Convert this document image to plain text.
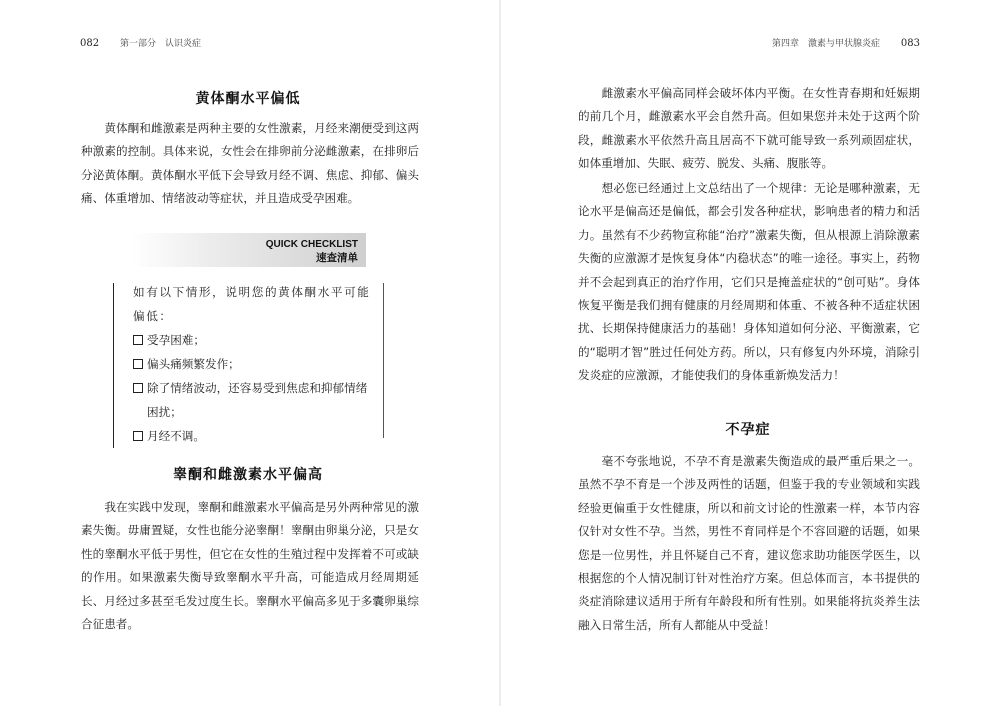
082 第一部分　认识炎症
黄体酮水平偏低
　　黄体酮和雌激素是两种主要的女性激素，月经来潮便受到这两种激素的控制。具体来说，女性会在排卵前分泌雌激素，在排卵后分泌黄体酮。黄体酮水平低下会导致月经不调、焦虑、抑郁、偏头痛、体重增加、情绪波动等症状，并且造成受孕困难。
QUICK CHECKLIST
速查清单
如有以下情形，说明您的黄体酮水平可能偏低：
受孕困难；
偏头痛频繁发作；
除了情绪波动，还容易受到焦虑和抑郁情绪
困扰；
月经不调。
睾酮和雌激素水平偏高
　　我在实践中发现，睾酮和雌激素水平偏高是另外两种常见的激素失衡。毋庸置疑，女性也能分泌睾酮！睾酮由卵巢分泌，只是女性的睾酮水平低于男性，但它在女性的生殖过程中发挥着不可或缺的作用。如果激素失衡导致睾酮水平升高，可能造成月经周期延长、月经过多甚至毛发过度生长。睾酮水平偏高多见于多囊卵巢综合征患者。
第四章　激素与甲状腺炎症 083
　　雌激素水平偏高同样会破坏体内平衡。在女性青春期和妊娠期的前几个月，雌激素水平会自然升高。但如果您并未处于这两个阶段，雌激素水平依然升高且居高不下就可能导致一系列顽固症状，如体重增加、失眠、疲劳、脱发、头痛、腹胀等。
　　想必您已经通过上文总结出了一个规律：无论是哪种激素，无论水平是偏高还是偏低，都会引发各种症状，影响患者的精力和活力。虽然有不少药物宣称能“治疗”激素失衡，但从根源上消除激素失衡的应激源才是恢复身体“内稳状态”的唯一途径。事实上，药物并不会起到真正的治疗作用，它们只是掩盖症状的“创可贴”。身体恢复平衡是我们拥有健康的月经周期和体重、不被各种不适症状困扰、长期保持健康活力的基础！身体知道如何分泌、平衡激素，它的“聪明才智”胜过任何处方药。所以，只有修复内外环境，消除引发炎症的应激源，才能使我们的身体重新焕发活力！
不孕症
　　毫不夸张地说，不孕不育是激素失衡造成的最严重后果之一。虽然不孕不育是一个涉及两性的话题，但鉴于我的专业领域和实践经验更偏重于女性健康，所以和前文讨论的性激素一样，本节内容仅针对女性不孕。当然，男性不育同样是个不容回避的话题，如果您是一位男性，并且怀疑自己不育，建议您求助功能医学医生，以根据您的个人情况制订针对性治疗方案。但总体而言，本书提供的炎症消除建议适用于所有年龄段和所有性别。如果能将抗炎养生法融入日常生活，所有人都能从中受益！
